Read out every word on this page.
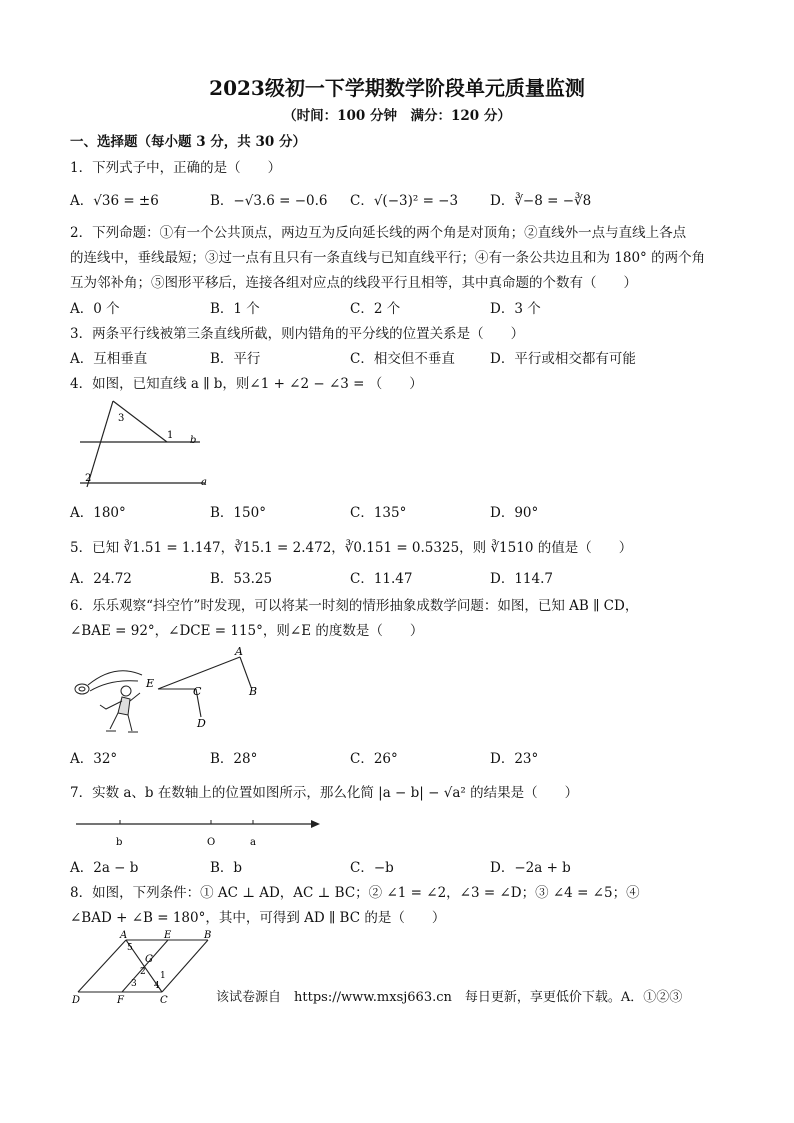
2023级初一下学期数学阶段单元质量监测
（时间：100 分钟　满分：120 分）
一、选择题（每小题 3 分，共 30 分）
1．下列式子中，正确的是（　　）
A．√36 = ±6	B．−√3.6 = −0.6 C．√(−3)² = −3 D．∛−8 = −∛8
2．下列命题：①有一个公共顶点，两边互为反向延长线的两个角是对顶角；②直线外一点与直线上各点
的连线中，垂线最短；③过一点有且只有一条直线与已知直线平行；④有一条公共边且和为 180° 的两个角
互为邻补角；⑤图形平移后，连接各组对应点的线段平行且相等，其中真命题的个数有（　　）
A．0 个	B．1 个	C．2 个	D．3 个
3．两条平行线被第三条直线所截，则内错角的平分线的位置关系是（　　）
A．互相垂直	B．平行	C．相交但不垂直	D．平行或相交都有可能
4．如图，已知直线 a ∥ b，则∠1 + ∠2 − ∠3 = （　　）
3
1 b
2	a
A．180°	B．150°	C．135°	D．90°
5．已知 ∛1.51 = 1.147，∛15.1 = 2.472，∛0.151 = 0.5325，则 ∛1510 的值是（　　）
A．24.72	B．53.25	C．11.47	D．114.7
6．乐乐观察“抖空竹”时发现，可以将某一时刻的情形抽象成数学问题：如图，已知 AB ∥ CD，
∠BAE = 92°，∠DCE = 115°，则∠E 的度数是（　　）
A
E
C	B
D
A．32°	B．28°	C．26°	D．23°
7．实数 a、b 在数轴上的位置如图所示，那么化简 |a − b| − √a² 的结果是（　　）
b	O	a
A．2a − b	B．b	C．−b	D．−2a + b
8．如图，下列条件：① AC ⊥ AD，AC ⊥ BC；② ∠1 = ∠2，∠3 = ∠D；③ ∠4 = ∠5；④
∠BAD + ∠B = 180°，其中，可得到 AD ∥ BC 的是（　　）
A	E	B
5
G
2 1
3 4
D	F	C	该试卷源自　https://www.mxsj663.cn　每日更新，享更低价下载。A．①②③
